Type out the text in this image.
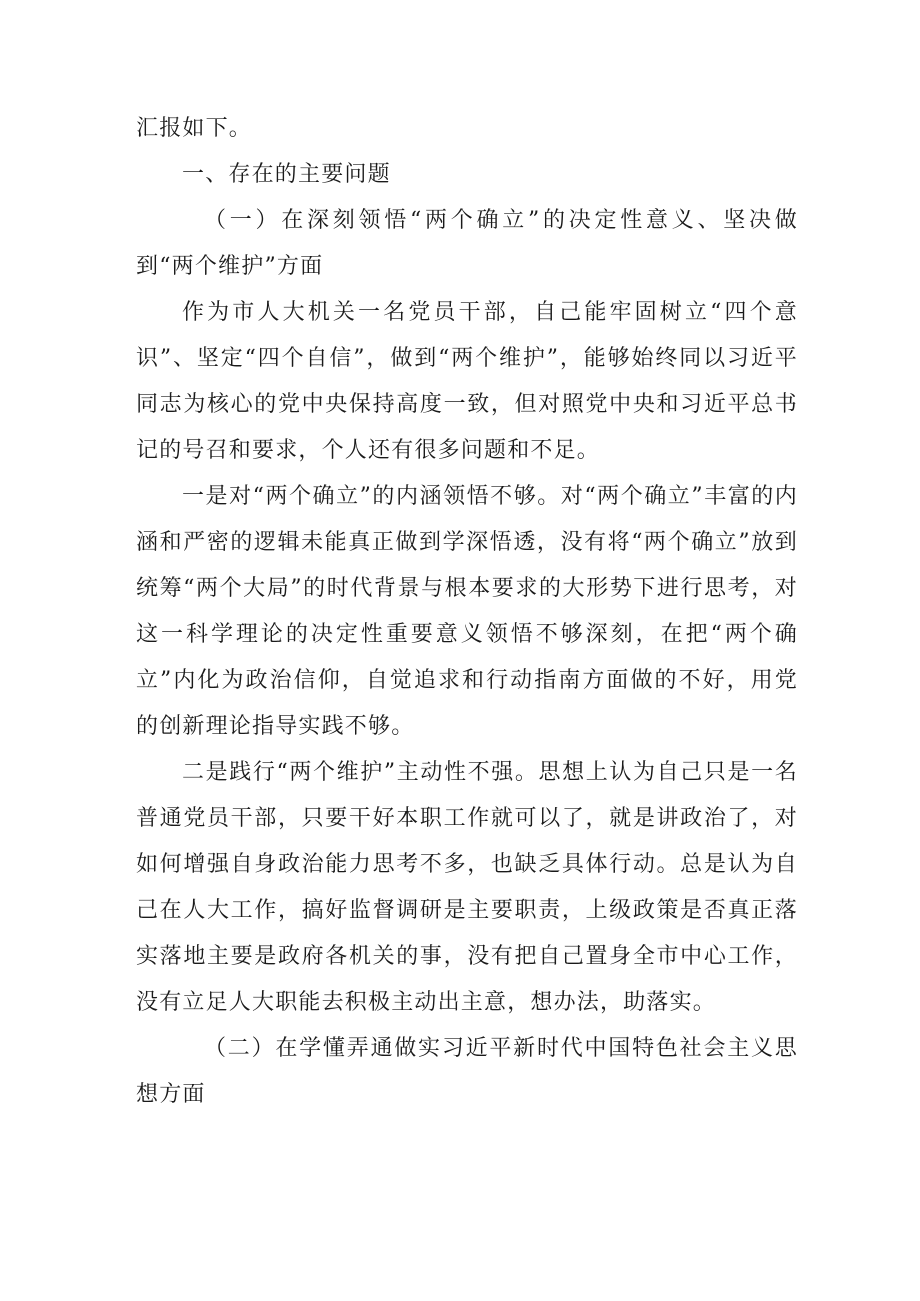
汇报如下。

一、存在的主要问题

（一）在深刻领悟“两个确立”的决定性意义、坚决做到“两个维护”方面

作为市人大机关一名党员干部，自己能牢固树立“四个意识”、坚定“四个自信”，做到“两个维护”，能够始终同以习近平同志为核心的党中央保持高度一致，但对照党中央和习近平总书记的号召和要求，个人还有很多问题和不足。

一是对“两个确立”的内涵领悟不够。对“两个确立”丰富的内涵和严密的逻辑未能真正做到学深悟透，没有将“两个确立”放到统筹“两个大局”的时代背景与根本要求的大形势下进行思考，对这一科学理论的决定性重要意义领悟不够深刻，在把“两个确立”内化为政治信仰，自觉追求和行动指南方面做的不好，用党的创新理论指导实践不够。

二是践行“两个维护”主动性不强。思想上认为自己只是一名普通党员干部，只要干好本职工作就可以了，就是讲政治了，对如何增强自身政治能力思考不多，也缺乏具体行动。总是认为自己在人大工作，搞好监督调研是主要职责，上级政策是否真正落实落地主要是政府各机关的事，没有把自己置身全市中心工作，没有立足人大职能去积极主动出主意，想办法，助落实。

（二）在学懂弄通做实习近平新时代中国特色社会主义思想方面
